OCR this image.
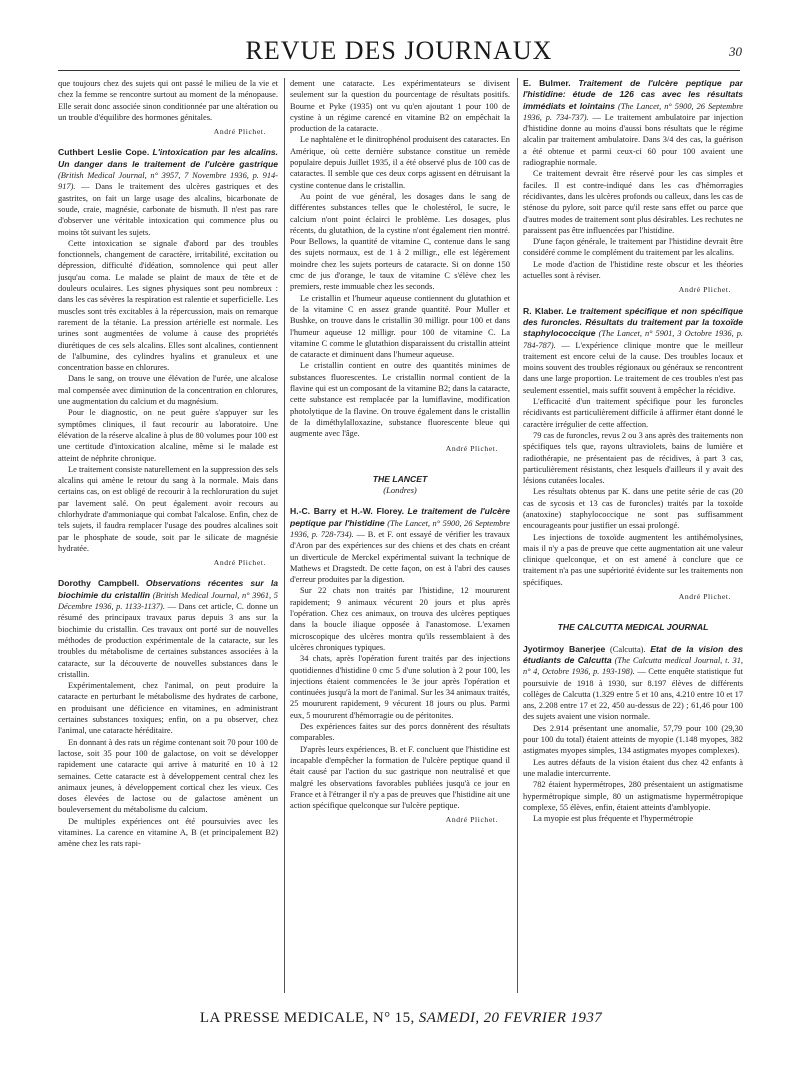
REVUE DES JOURNAUX	30

que toujours chez des sujets qui ont passé le milieu de la vie et chez la femme se rencontre surtout au moment de la ménopause. Elle serait donc associée sinon conditionnée par une altération ou un trouble d'équilibre des hormones génitales.

André Plichet.

Cuthbert Leslie Cope. L'intoxication par les alcalins. Un danger dans le traitement de l'ulcère gastrique (British Medical Journal, n° 3957, 7 Novembre 1936, p. 914-917). — Dans le traitement des ulcères gastriques et des gastrites, on fait un large usage des alcalins, bicarbonate de soude, craie, magnésie, carbonate de bismuth. Il n'est pas rare d'observer une véritable intoxication qui commence plus ou moins tôt suivant les sujets.

Cette intoxication se signale d'abord par des troubles fonctionnels, changement de caractère, irritabilité, excitation ou dépression, difficulté d'idéation, somnolence qui peut aller jusqu'au coma. Le malade se plaint de maux de tête et de douleurs oculaires. Les signes physiques sont peu nombreux : dans les cas sévères la respiration est ralentie et superficielle. Les muscles sont très excitables à la répercussion, mais on remarque rarement de la tétanie. La pression artérielle est normale. Les urines sont augmentées de volume à cause des propriétés diurétiques de ces sels alcalins. Elles sont alcalines, contiennent de l'albumine, des cylindres hyalins et granuleux et une concentration basse en chlorures.

Dans le sang, on trouve une élévation de l'urée, une alcalose mal compensée avec diminution de la concentration en chlorures, une augmentation du calcium et du magnésium.

Pour le diagnostic, on ne peut guère s'appuyer sur les symptômes cliniques, il faut recourir au laboratoire. Une élévation de la réserve alcaline à plus de 80 volumes pour 100 est une certitude d'intoxication alcaline, même si le malade est atteint de néphrite chronique.

Le traitement consiste naturellement en la suppression des sels alcalins qui amène le retour du sang à la normale. Mais dans certains cas, on est obligé de recourir à la rechloruration du sujet par lavement salé. On peut également avoir recours au chlorhydrate d'ammoniaque qui combat l'alcalose. Enfin, chez de tels sujets, il faudra remplacer l'usage des poudres alcalines soit par le phosphate de soude, soit par le silicate de magnésie hydratée.

André Plichet.

Dorothy Campbell. Observations récentes sur la biochimie du cristallin (British Medical Journal, n° 3961, 5 Décembre 1936, p. 1133-1137). — Dans cet article, C. donne un résumé des principaux travaux parus depuis 3 ans sur la biochimie du cristallin. Ces travaux ont porté sur de nouvelles méthodes de production expérimentale de la cataracte, sur les troubles du métabolisme de certaines substances associées à la cataracte, sur la découverte de nouvelles substances dans le cristallin.

Expérimentalement, chez l'animal, on peut produire la cataracte en perturbant le métabolisme des hydrates de carbone, en produisant une déficience en vitamines, en administrant certaines substances toxiques; enfin, on a pu observer, chez l'animal, une cataracte héréditaire.

En donnant à des rats un régime contenant soit 70 pour 100 de lactose, soit 35 pour 100 de galactose, on voit se développer rapidement une cataracte qui arrive à maturité en 10 à 12 semaines. Cette cataracte est à développement central chez les animaux jeunes, à développement cortical chez les vieux. Ces doses élevées de lactose ou de galactose amènent un bouleversement du métabolisme du calcium.

De multiples expériences ont été poursuivies avec les vitamines. La carence en vitamine A, B (et principalement B2) amène chez les rats rapi-

dement une cataracte. Les expérimentateurs se divisent seulement sur la question du pourcentage de résultats positifs. Bourne et Pyke (1935) ont vu qu'en ajoutant 1 pour 100 de cystine à un régime carencé en vitamine B2 on empêchait la production de la cataracte.

Le naphtalène et le dinitrophénol produisent des cataractes. En Amérique, où cette dernière substance constitue un remède populaire depuis Juillet 1935, il a été observé plus de 100 cas de cataractes. Il semble que ces deux corps agissent en détruisant la cystine contenue dans le cristallin.

Au point de vue général, les dosages dans le sang de différentes substances telles que le cholestérol, le sucre, le calcium n'ont point éclairci le problème. Les dosages, plus récents, du glutathion, de la cystine n'ont également rien montré. Pour Bellows, la quantité de vitamine C, contenue dans le sang des sujets normaux, est de 1 à 2 milligr., elle est légèrement moindre chez les sujets porteurs de cataracte. Si on donne 150 cmc de jus d'orange, le taux de vitamine C s'élève chez les premiers, reste immuable chez les seconds.

Le cristallin et l'humeur aqueuse contiennent du glutathion et de la vitamine C en assez grande quantité. Pour Muller et Bushke, on trouve dans le cristallin 30 milligr. pour 100 et dans l'humeur aqueuse 12 milligr. pour 100 de vitamine C. La vitamine C comme le glutathion disparaissent du cristallin atteint de cataracte et diminuent dans l'humeur aqueuse.

Le cristallin contient en outre des quantités minimes de substances fluorescentes. Le cristallin normal contient de la flavine qui est un composant de la vitamine B2; dans la cataracte, cette substance est remplacée par la lumiflavine, modification photolytique de la flavine. On trouve également dans le cristallin de la diméthylalloxazine, substance fluorescente bleue qui augmente avec l'âge.

André Plichet.

THE LANCET

(Londres)

H.-C. Barry et H.-W. Florey. Le traitement de l'ulcère peptique par l'histidine (The Lancet, n° 5900, 26 Septembre 1936, p. 728-734). — B. et F. ont essayé de vérifier les travaux d'Aron par des expériences sur des chiens et des chats en créant un diverticule de Merckel expérimental suivant la technique de Mathews et Dragstedt. De cette façon, on est à l'abri des causes d'erreur produites par la digestion.

Sur 22 chats non traités par l'histidine, 12 moururent rapidement; 9 animaux vécurent 20 jours et plus après l'opération. Chez ces animaux, on trouva des ulcères peptiques dans la boucle iliaque opposée à l'anastomose. L'examen microscopique des ulcères montra qu'ils ressemblaient à des ulcères chroniques typiques.

34 chats, après l'opération furent traités par des injections quotidiennes d'histidine 0 cmc 5 d'une solution à 2 pour 100, les injections étaient commencées le 3e jour après l'opération et continuées jusqu'à la mort de l'animal. Sur les 34 animaux traités, 25 moururent rapidement, 9 vécurent 18 jours ou plus. Parmi eux, 5 moururent d'hémorragie ou de péritonites.

Des expériences faites sur des porcs donnèrent des résultats comparables.

D'après leurs expériences, B. et F. concluent que l'histidine est incapable d'empêcher la formation de l'ulcère peptique quand il était causé par l'action du suc gastrique non neutralisé et que malgré les observations favorables publiées jusqu'à ce jour en France et à l'étranger il n'y a pas de preuves que l'histidine ait une action spécifique quelconque sur l'ulcère peptique.

André Plichet.

E. Bulmer. Traitement de l'ulcère peptique par l'histidine: étude de 126 cas avec les résultats immédiats et lointains (The Lancet, n° 5900, 26 Septembre 1936, p. 734-737). — Le traitement ambulatoire par injection d'histidine donne au moins d'aussi bons résultats que le régime alcalin par traitement ambulatoire. Dans 3/4 des cas, la guérison a été obtenue et parmi ceux-ci 60 pour 100 avaient une radiographie normale.

Ce traitement devrait être réservé pour les cas simples et faciles. Il est contre-indiqué dans les cas d'hémorragies récidivantes, dans les ulcères profonds ou calleux, dans les cas de sténose du pylore, soit parce qu'il reste sans effet ou parce que d'autres modes de traitement sont plus désirables. Les rechutes ne paraissent pas être influencées par l'histidine.

D'une façon générale, le traitement par l'histidine devrait être considéré comme le complément du traitement par les alcalins.

Le mode d'action de l'histidine reste obscur et les théories actuelles sont à réviser.

André Plichet.

R. Klaber. Le traitement spécifique et non spécifique des furoncles. Résultats du traitement par la toxoïde staphylococcique (The Lancet, n° 5901, 3 Octobre 1936, p. 784-787). — L'expérience clinique montre que le meilleur traitement est encore celui de la cause. Des troubles locaux et moins souvent des troubles régionaux ou généraux se rencontrent dans une large proportion. Le traitement de ces troubles n'est pas seulement essentiel, mais suffit souvent à empêcher la récidive.

L'efficacité d'un traitement spécifique pour les furoncles récidivants est particulièrement difficile à affirmer étant donné le caractère irrégulier de cette affection.

79 cas de furoncles, revus 2 ou 3 ans après des traitements non spécifiques tels que, rayons ultraviolets, bains de lumière et radiothérapie, ne présentaient pas de récidives, à part 3 cas, particulièrement résistants, chez lesquels d'ailleurs il y avait des lésions cutanées locales.

Les résultats obtenus par K. dans une petite série de cas (20 cas de sycosis et 13 cas de furoncles) traités par la toxoïde (anatoxine) staphylococcique ne sont pas suffisamment encourageants pour justifier un essai prolongé.

Les injections de toxoïde augmentent les antihémolysines, mais il n'y a pas de preuve que cette augmentation ait une valeur clinique quelconque, et on est amené à conclure que ce traitement n'a pas une supériorité évidente sur les traitements non spécifiques.

André Plichet.

THE CALCUTTA MEDICAL JOURNAL

Jyotirmoy Banerjee (Calcutta). Etat de la vision des étudiants de Calcutta (The Calcutta medical Journal, t. 31, n° 4, Octobre 1936, p. 193-198). — Cette enquête statistique fut poursuivie de 1918 à 1930, sur 8.197 élèves de différents collèges de Calcutta (1.329 entre 5 et 10 ans, 4.210 entre 10 et 17 ans, 2.208 entre 17 et 22, 450 au-dessus de 22) ; 61,46 pour 100 des sujets avaient une vision normale.

Des 2.914 présentant une anomalie, 57,79 pour 100 (29,30 pour 100 du total) étaient atteints de myopie (1.148 myopes, 382 astigmates myopes simples, 134 astigmates myopes complexes).

Les autres défauts de la vision étaient dus chez 42 enfants à une maladie intercurrente.

782 étaient hypermétropes, 280 présentaient un astigmatisme hypermétropique simple, 80 un astigmatisme hypermétropique complexe, 55 élèves, enfin, étaient atteints d'amblyopie.

La myopie est plus fréquente et l'hypermétropie

LA PRESSE MEDICALE, N° 15, SAMEDI, 20 FEVRIER 1937
